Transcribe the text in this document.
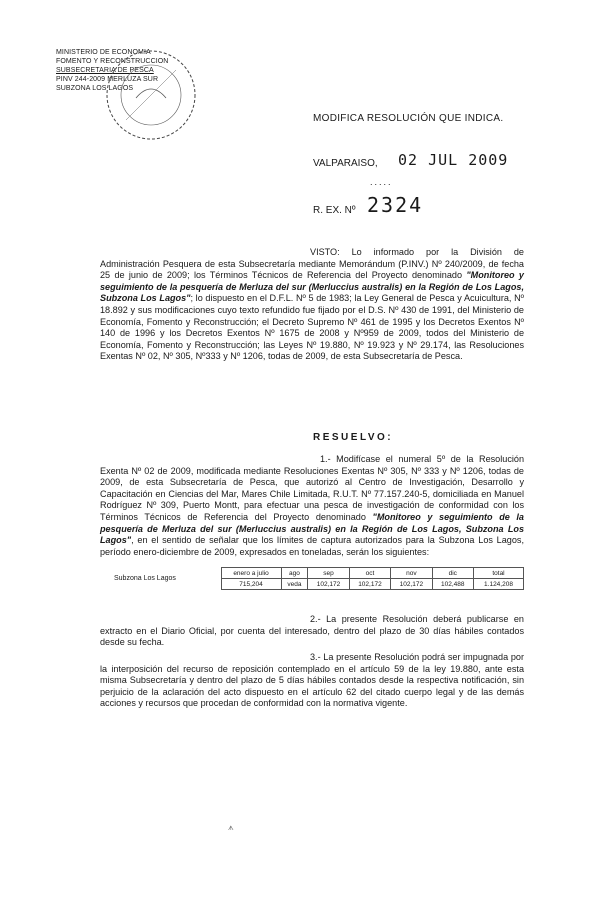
MINISTERIO DE ECONOMIA
FOMENTO Y RECONSTRUCCION
SUBSECRETARIA DE PESCA
PINV 244-2009 MERLUZA SUR
SUBZONA LOS LAGOS
MODIFICA RESOLUCIÓN QUE INDICA.
VALPARAISO, 02 JUL 2009
.....
R. EX. Nº 2324
VISTO: Lo informado por la División de Administración Pesquera de esta Subsecretaría mediante Memorándum (P.INV.) Nº 240/2009, de fecha 25 de junio de 2009; los Términos Técnicos de Referencia del Proyecto denominado "Monitoreo y seguimiento de la pesquería de Merluza del sur (Merluccius australis) en la Región de Los Lagos, Subzona Los Lagos"; lo dispuesto en el D.F.L. Nº 5 de 1983; la Ley General de Pesca y Acuicultura, Nº 18.892 y sus modificaciones cuyo texto refundido fue fijado por el D.S. Nº 430 de 1991, del Ministerio de Economía, Fomento y Reconstrucción; el Decreto Supremo Nº 461 de 1995 y los Decretos Exentos Nº 140 de 1996 y los Decretos Exentos Nº 1675 de 2008 y Nº959 de 2009, todos del Ministerio de Economía, Fomento y Reconstrucción; las Leyes Nº 19.880, Nº 19.923 y Nº 29.174, las Resoluciones Exentas Nº 02, Nº 305, Nº333 y Nº 1206, todas de 2009, de esta Subsecretaría de Pesca.
RESUELVO:
1.- Modifícase el numeral 5º de la Resolución Exenta Nº 02 de 2009, modificada mediante Resoluciones Exentas Nº 305, Nº 333 y Nº 1206, todas de 2009, de esta Subsecretaría de Pesca, que autorizó al Centro de Investigación, Desarrollo y Capacitación en Ciencias del Mar, Mares Chile Limitada, R.U.T. Nº 77.157.240-5, domiciliada en Manuel Rodríguez Nº 309, Puerto Montt, para efectuar una pesca de investigación de conformidad con los Términos Técnicos de Referencia del Proyecto denominado "Monitoreo y seguimiento de la pesquería de Merluza del sur (Merluccius australis) en la Región de Los Lagos, Subzona Los Lagos", en el sentido de señalar que los límites de captura autorizados para la Subzona Los Lagos, período enero-diciembre de 2009, expresados en toneladas, serán los siguientes:
Subzona Los Lagos	enero a julio	ago	sep	oct	nov	dic	total
	715,204	veda	102,172	102,172	102,172	102,488	1.124,208
2.- La presente Resolución deberá publicarse en extracto en el Diario Oficial, por cuenta del interesado, dentro del plazo de 30 días hábiles contados desde su fecha.
3.- La presente Resolución podrá ser impugnada por la interposición del recurso de reposición contemplado en el artículo 59 de la ley 19.880, ante esta misma Subsecretaría y dentro del plazo de 5 días hábiles contados desde la respectiva notificación, sin perjuicio de la aclaración del acto dispuesto en el artículo 62 del citado cuerpo legal y de las demás acciones y recursos que procedan de conformidad con la normativa vigente.
ᗑ
